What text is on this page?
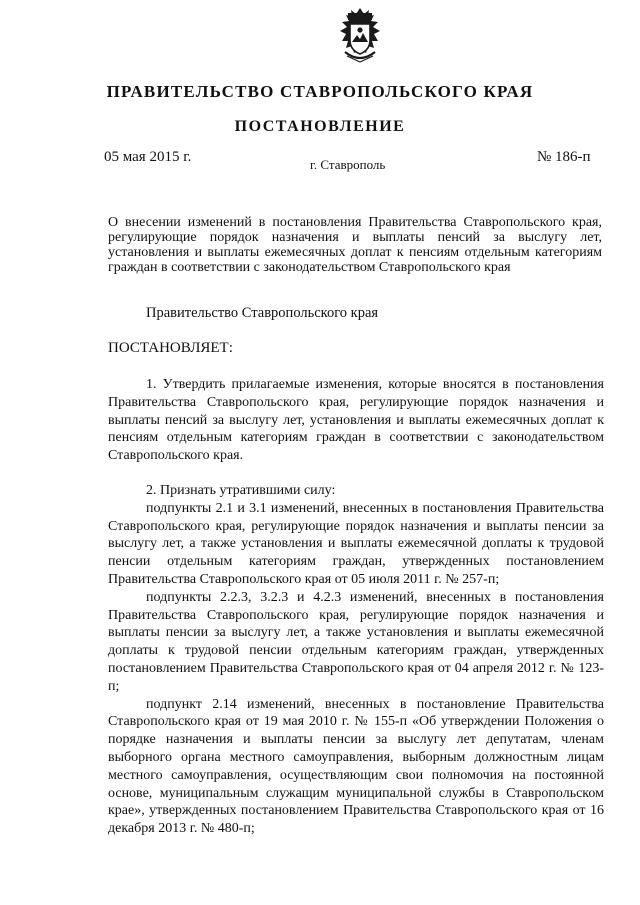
ПРАВИТЕЛЬСТВО СТАВРОПОЛЬСКОГО КРАЯ
ПОСТАНОВЛЕНИЕ
05 мая 2015 г.	г. Ставрополь	№ 186-п

О внесении изменений в постановления Правительства Ставропольского края, регулирующие порядок назначения и выплаты пенсий за выслугу лет, установления и выплаты ежемесячных доплат к пенсиям отдельным категориям граждан в соответствии с законодательством Ставропольского края

Правительство Ставропольского края
ПОСТАНОВЛЯЕТ:

1. Утвердить прилагаемые изменения, которые вносятся в постановления Правительства Ставропольского края, регулирующие порядок назначения и выплаты пенсий за выслугу лет, установления и выплаты ежемесячных доплат к пенсиям отдельным категориям граждан в соответствии с законодательством Ставропольского края.

2. Признать утратившими силу:

подпункты 2.1 и 3.1 изменений, внесенных в постановления Правительства Ставропольского края, регулирующие порядок назначения и выплаты пенсии за выслугу лет, а также установления и выплаты ежемесячной доплаты к трудовой пенсии отдельным категориям граждан, утвержденных постановлением Правительства Ставропольского края от 05 июля 2011 г. № 257-п;

подпункты 2.2.3, 3.2.3 и 4.2.3 изменений, внесенных в постановления Правительства Ставропольского края, регулирующие порядок назначения и выплаты пенсии за выслугу лет, а также установления и выплаты ежемесячной доплаты к трудовой пенсии отдельным категориям граждан, утвержденных постановлением Правительства Ставропольского края от 04 апреля 2012 г. № 123-п;

подпункт 2.14 изменений, внесенных в постановление Правительства Ставропольского края от 19 мая 2010 г. № 155-п «Об утверждении Положения о порядке назначения и выплаты пенсии за выслугу лет депутатам, членам выборного органа местного самоуправления, выборным должностным лицам местного самоуправления, осуществляющим свои полномочия на постоянной основе, муниципальным служащим муниципальной службы в Ставропольском крае», утвержденных постановлением Правительства Ставропольского края от 16 декабря 2013 г. № 480-п;
